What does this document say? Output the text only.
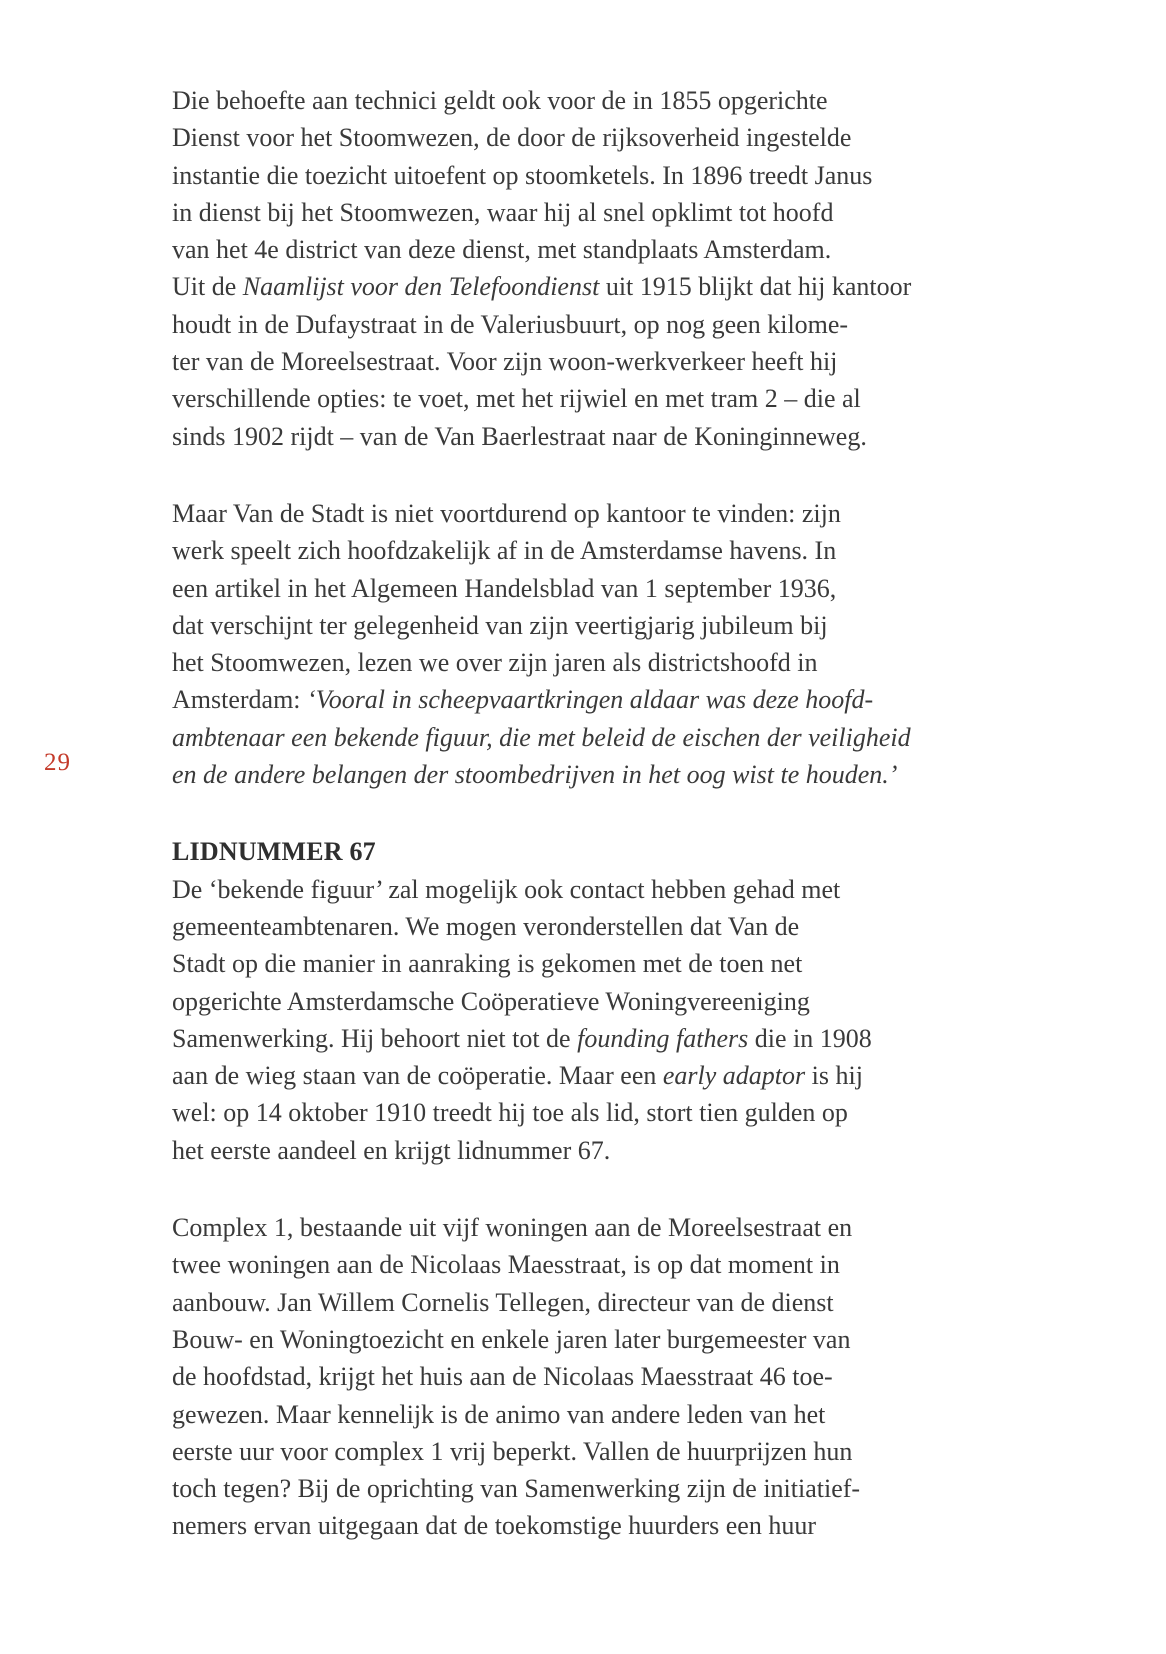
29
Die behoefte aan technici geldt ook voor de in 1855 opgerichte
Dienst voor het Stoomwezen, de door de rijksoverheid ingestelde
instantie die toezicht uitoefent op stoomketels. In 1896 treedt Janus
in dienst bij het Stoomwezen, waar hij al snel opklimt tot hoofd
van het 4e district van deze dienst, met standplaats Amsterdam.
Uit de Naamlijst voor den Telefoondienst uit 1915 blijkt dat hij kantoor
houdt in de Dufaystraat in de Valeriusbuurt, op nog geen kilome-
ter van de Moreelsestraat. Voor zijn woon-werkverkeer heeft hij
verschillende opties: te voet, met het rijwiel en met tram 2 – die al
sinds 1902 rijdt – van de Van Baerlestraat naar de Koninginneweg.
Maar Van de Stadt is niet voortdurend op kantoor te vinden: zijn
werk speelt zich hoofdzakelijk af in de Amsterdamse havens. In
een artikel in het Algemeen Handelsblad van 1 september 1936,
dat verschijnt ter gelegenheid van zijn veertigjarig jubileum bij
het Stoomwezen, lezen we over zijn jaren als districtshoofd in
Amsterdam: ‘Vooral in scheepvaartkringen aldaar was deze hoofd-
ambtenaar een bekende figuur, die met beleid de eischen der veiligheid
en de andere belangen der stoombedrijven in het oog wist te houden.’
LIDNUMMER 67
De ‘bekende figuur’ zal mogelijk ook contact hebben gehad met
gemeenteambtenaren. We mogen veronderstellen dat Van de
Stadt op die manier in aanraking is gekomen met de toen net
opgerichte Amsterdamsche Coöperatieve Woningvereeniging
Samenwerking. Hij behoort niet tot de founding fathers die in 1908
aan de wieg staan van de coöperatie. Maar een early adaptor is hij
wel: op 14 oktober 1910 treedt hij toe als lid, stort tien gulden op
het eerste aandeel en krijgt lidnummer 67.
Complex 1, bestaande uit vijf woningen aan de Moreelsestraat en
twee woningen aan de Nicolaas Maesstraat, is op dat moment in
aanbouw. Jan Willem Cornelis Tellegen, directeur van de dienst
Bouw- en Woningtoezicht en enkele jaren later burgemeester van
de hoofdstad, krijgt het huis aan de Nicolaas Maesstraat 46 toe-
gewezen. Maar kennelijk is de animo van andere leden van het
eerste uur voor complex 1 vrij beperkt. Vallen de huurprijzen hun
toch tegen? Bij de oprichting van Samenwerking zijn de initiatief-
nemers ervan uitgegaan dat de toekomstige huurders een huur
